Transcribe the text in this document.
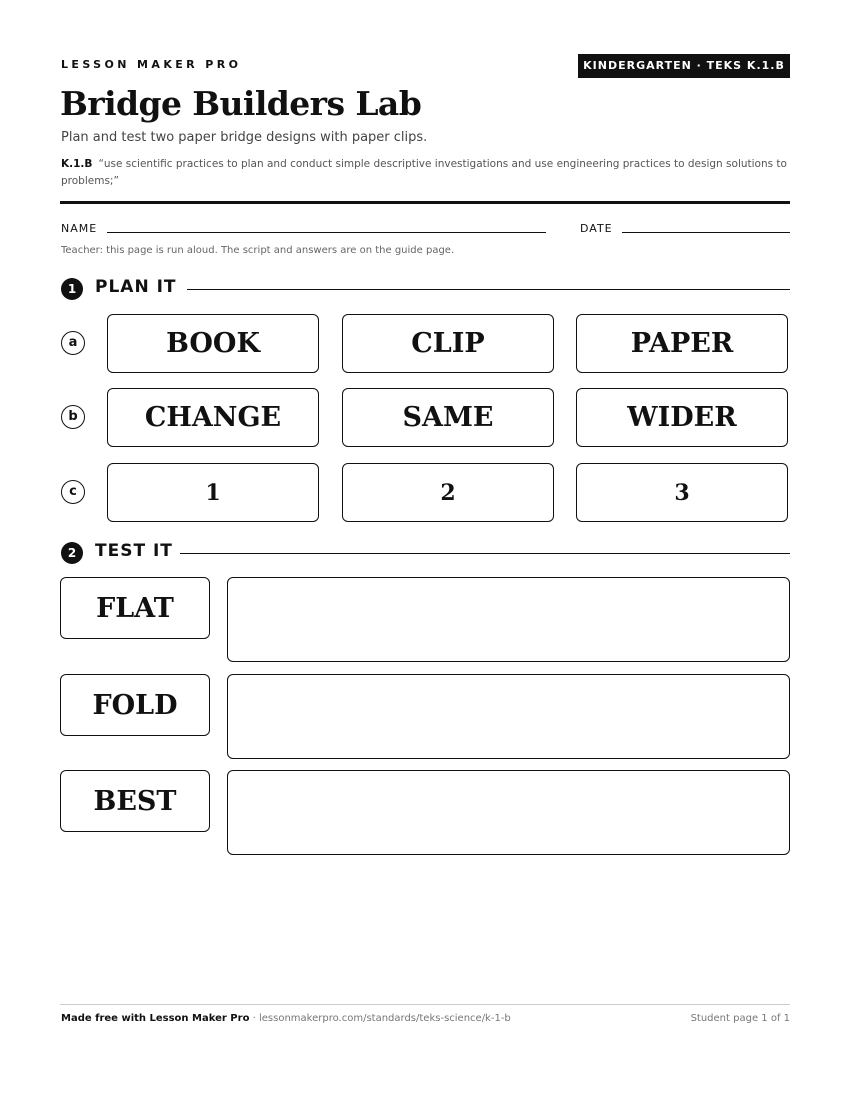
LESSON MAKER PRO	KINDERGARTEN · TEKS K.1.B
Bridge Builders Lab
Plan and test two paper bridge designs with paper clips.
K.1.B “use scientific practices to plan and conduct simple descriptive investigations and use engineering practices to design solutions to problems;”
NAME	DATE
Teacher: this page is run aloud. The script and answers are on the guide page.
1	PLAN IT
a	BOOK	CLIP	PAPER
b	CHANGE	SAME	WIDER
c	1	2	3
2	TEST IT
FLAT
FOLD
BEST
Made free with Lesson Maker Pro · lessonmakerpro.com/standards/teks-science/k-1-b	Student page 1 of 1
